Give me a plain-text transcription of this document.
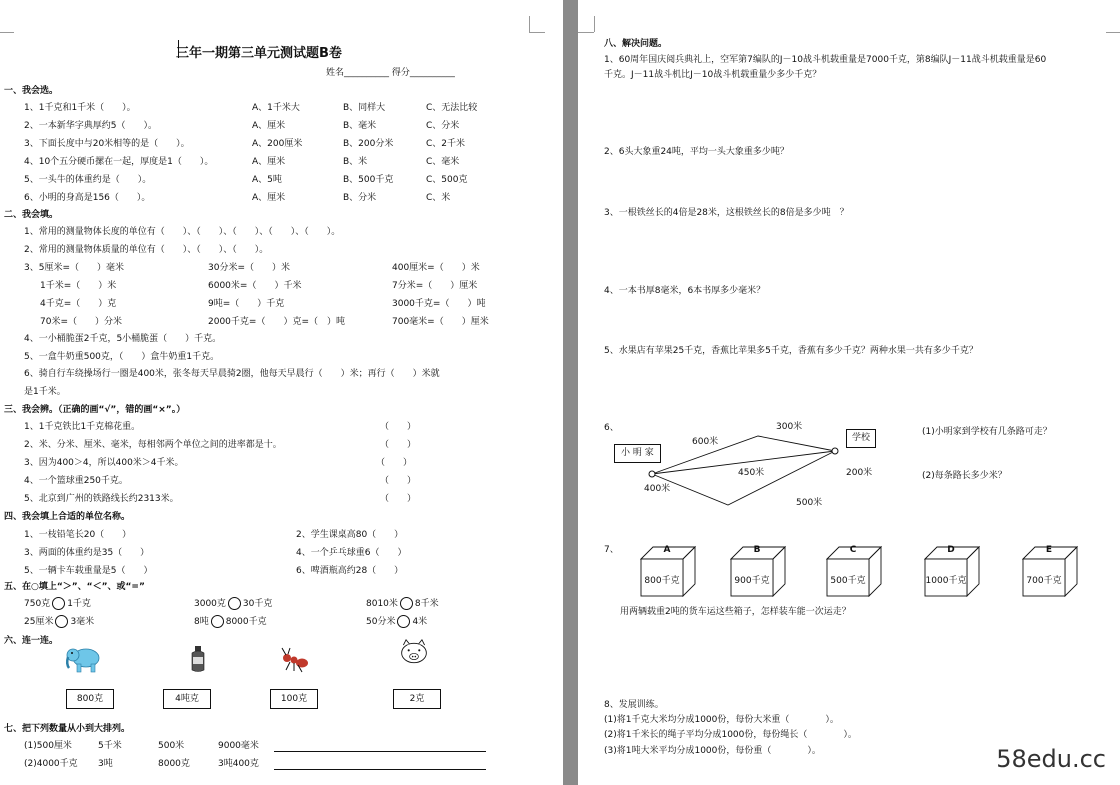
三年一期第三单元测试题B卷
姓名__________ 得分__________
一、我会选。
1、1千克和1千米（　　）。	A、1千米大	B、同样大	C、无法比较
2、一本新华字典厚约5（　　）。	A、厘米	B、毫米	C、分米
3、下面长度中与20米相等的是（　　）。	A、200厘米	B、200分米	C、2千米
4、10个五分硬币摞在一起，厚度是1（　　）。	A、厘米	B、米	C、毫米
5、一头牛的体重约是（　　）。	A、5吨	B、500千克	C、500克
6、小明的身高是156（　　）。	A、厘米	B、分米	C、米
二、我会填。
1、常用的测量物体长度的单位有（　　）、（　　）、（　　）、（　　）、（　　）。
2、常用的测量物体质量的单位有（　　）、（　　）、（　　）。
3、5厘米=（　　）毫米	30分米=（　　）米	400厘米=（　　）米
1千米=（　　）米	6000米=（　　）千米	7分米=（　　）厘米
4千克=（　　）克	9吨=（　　）千克	3000千克=（　　）吨
70米=（　　）分米	2000千克=（　　）克=（　）吨	700毫米=（　　）厘米
4、一小桶脆蛋2千克，5小桶脆蛋（　　）千克。
5、一盒牛奶重500克，（　　）盒牛奶重1千克。
6、骑自行车绕操场行一圈是400米，张冬每天早晨骑2圈，他每天早晨行（　　）米；再行（　　）米就
是1千米。
三、我会辨。（正确的画“√”，错的画“×”。）
1、1千克铁比1千克棉花重。	（　　）
2、米、分米、厘米、毫米，每相邻两个单位之间的进率都是十。	（　　）
3、因为400＞4，所以400米＞4千米。	（　　）
4、一个篮球重250千克。	（　　）
5、北京到广州的铁路线长约2313米。	（　　）
四、我会填上合适的单位名称。
1、一枝铅笔长20（　　）	2、学生课桌高80（　　）
3、两面的体重约是35（　　）	4、一个乒乓球重6（　　）
5、一辆卡车载重量是5（　　）	6、啤酒瓶高约28（　　）
五、在○填上“＞”、“＜”、或“=”
750克 1千克	3000克 30千克	8010米 8千米
25厘米 3毫米	8吨 8000千克	50分米 4米
六、连一连。
800克	4吨克	100克	2克
七、把下列数量从小到大排列。
(1)500厘米	5千米	500米	9000毫米
(2)4000千克 3吨	8000克	3吨400克
八、解决问题。
1、60周年国庆阅兵典礼上，空军第7编队的J－10战斗机载重量是7000千克，第8编队J－11战斗机载重量是60
千克。J－11战斗机比J－10战斗机载重量少多少千克？
2、6头大象重24吨，平均一头大象重多少吨？
3、一根铁丝长的4倍是28米，这根铁丝长的8倍是多少吨　？
4、一本书厚8毫米，6本书厚多少毫米？
5、水果店有苹果25千克，香蕉比苹果多5千克，香蕉有多少千克？两种水果一共有多少千克？
6、
小 明 家
学校
600米
300米
450米	200米
400米
500米
(1)小明家到学校有几条路可走？
(2)每条路长多少米？
7、	A
800千克
B
900千克
C
500千克
D
1000千克
E
700千克
用两辆载重2吨的货车运这些箱子，怎样装车能一次运走？
8、发展训练。
(1)将1千克大米均分成1000份，每份大米重（　　　　）。
(2)将1千米长的绳子平均分成1000份，每份绳长（　　　　）。
(3)将1吨大米平均分成1000份，每份重（　　　　）。	58edu.cc
